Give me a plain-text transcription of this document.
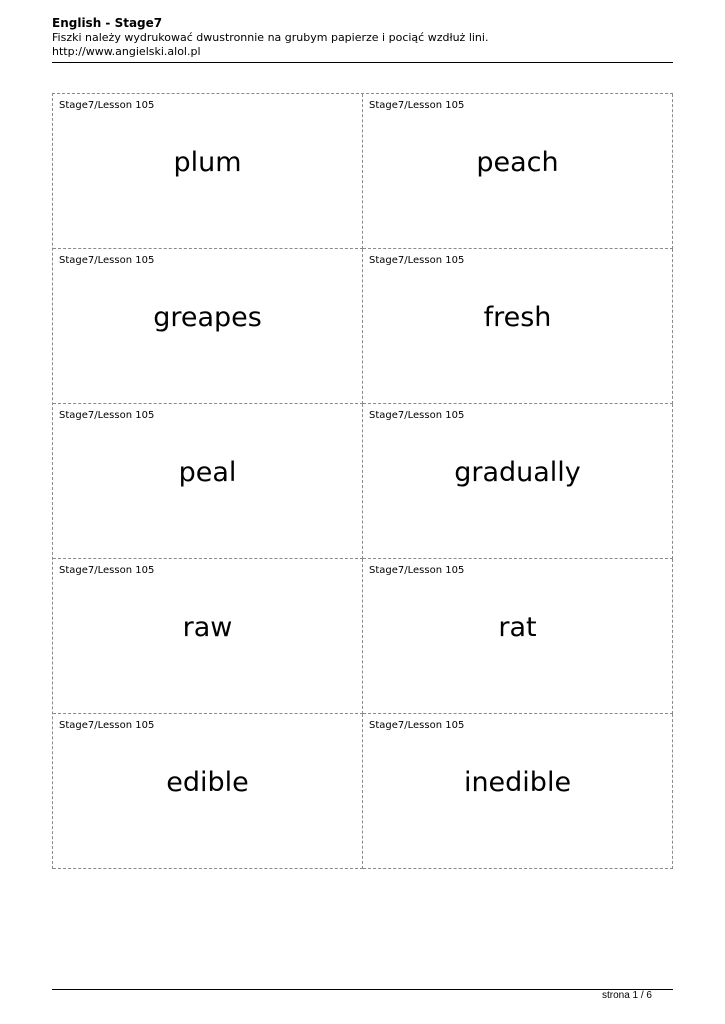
English - Stage7
Fiszki należy wydrukować dwustronnie na grubym papierze i pociąć wzdłuż lini.
http://www.angielski.alol.pl
Stage7/Lesson 105
plum
Stage7/Lesson 105
peach
Stage7/Lesson 105
greapes
Stage7/Lesson 105
fresh
Stage7/Lesson 105
peal
Stage7/Lesson 105
gradually
Stage7/Lesson 105
raw
Stage7/Lesson 105
rat
Stage7/Lesson 105
edible
Stage7/Lesson 105
inedible
strona 1 / 6
